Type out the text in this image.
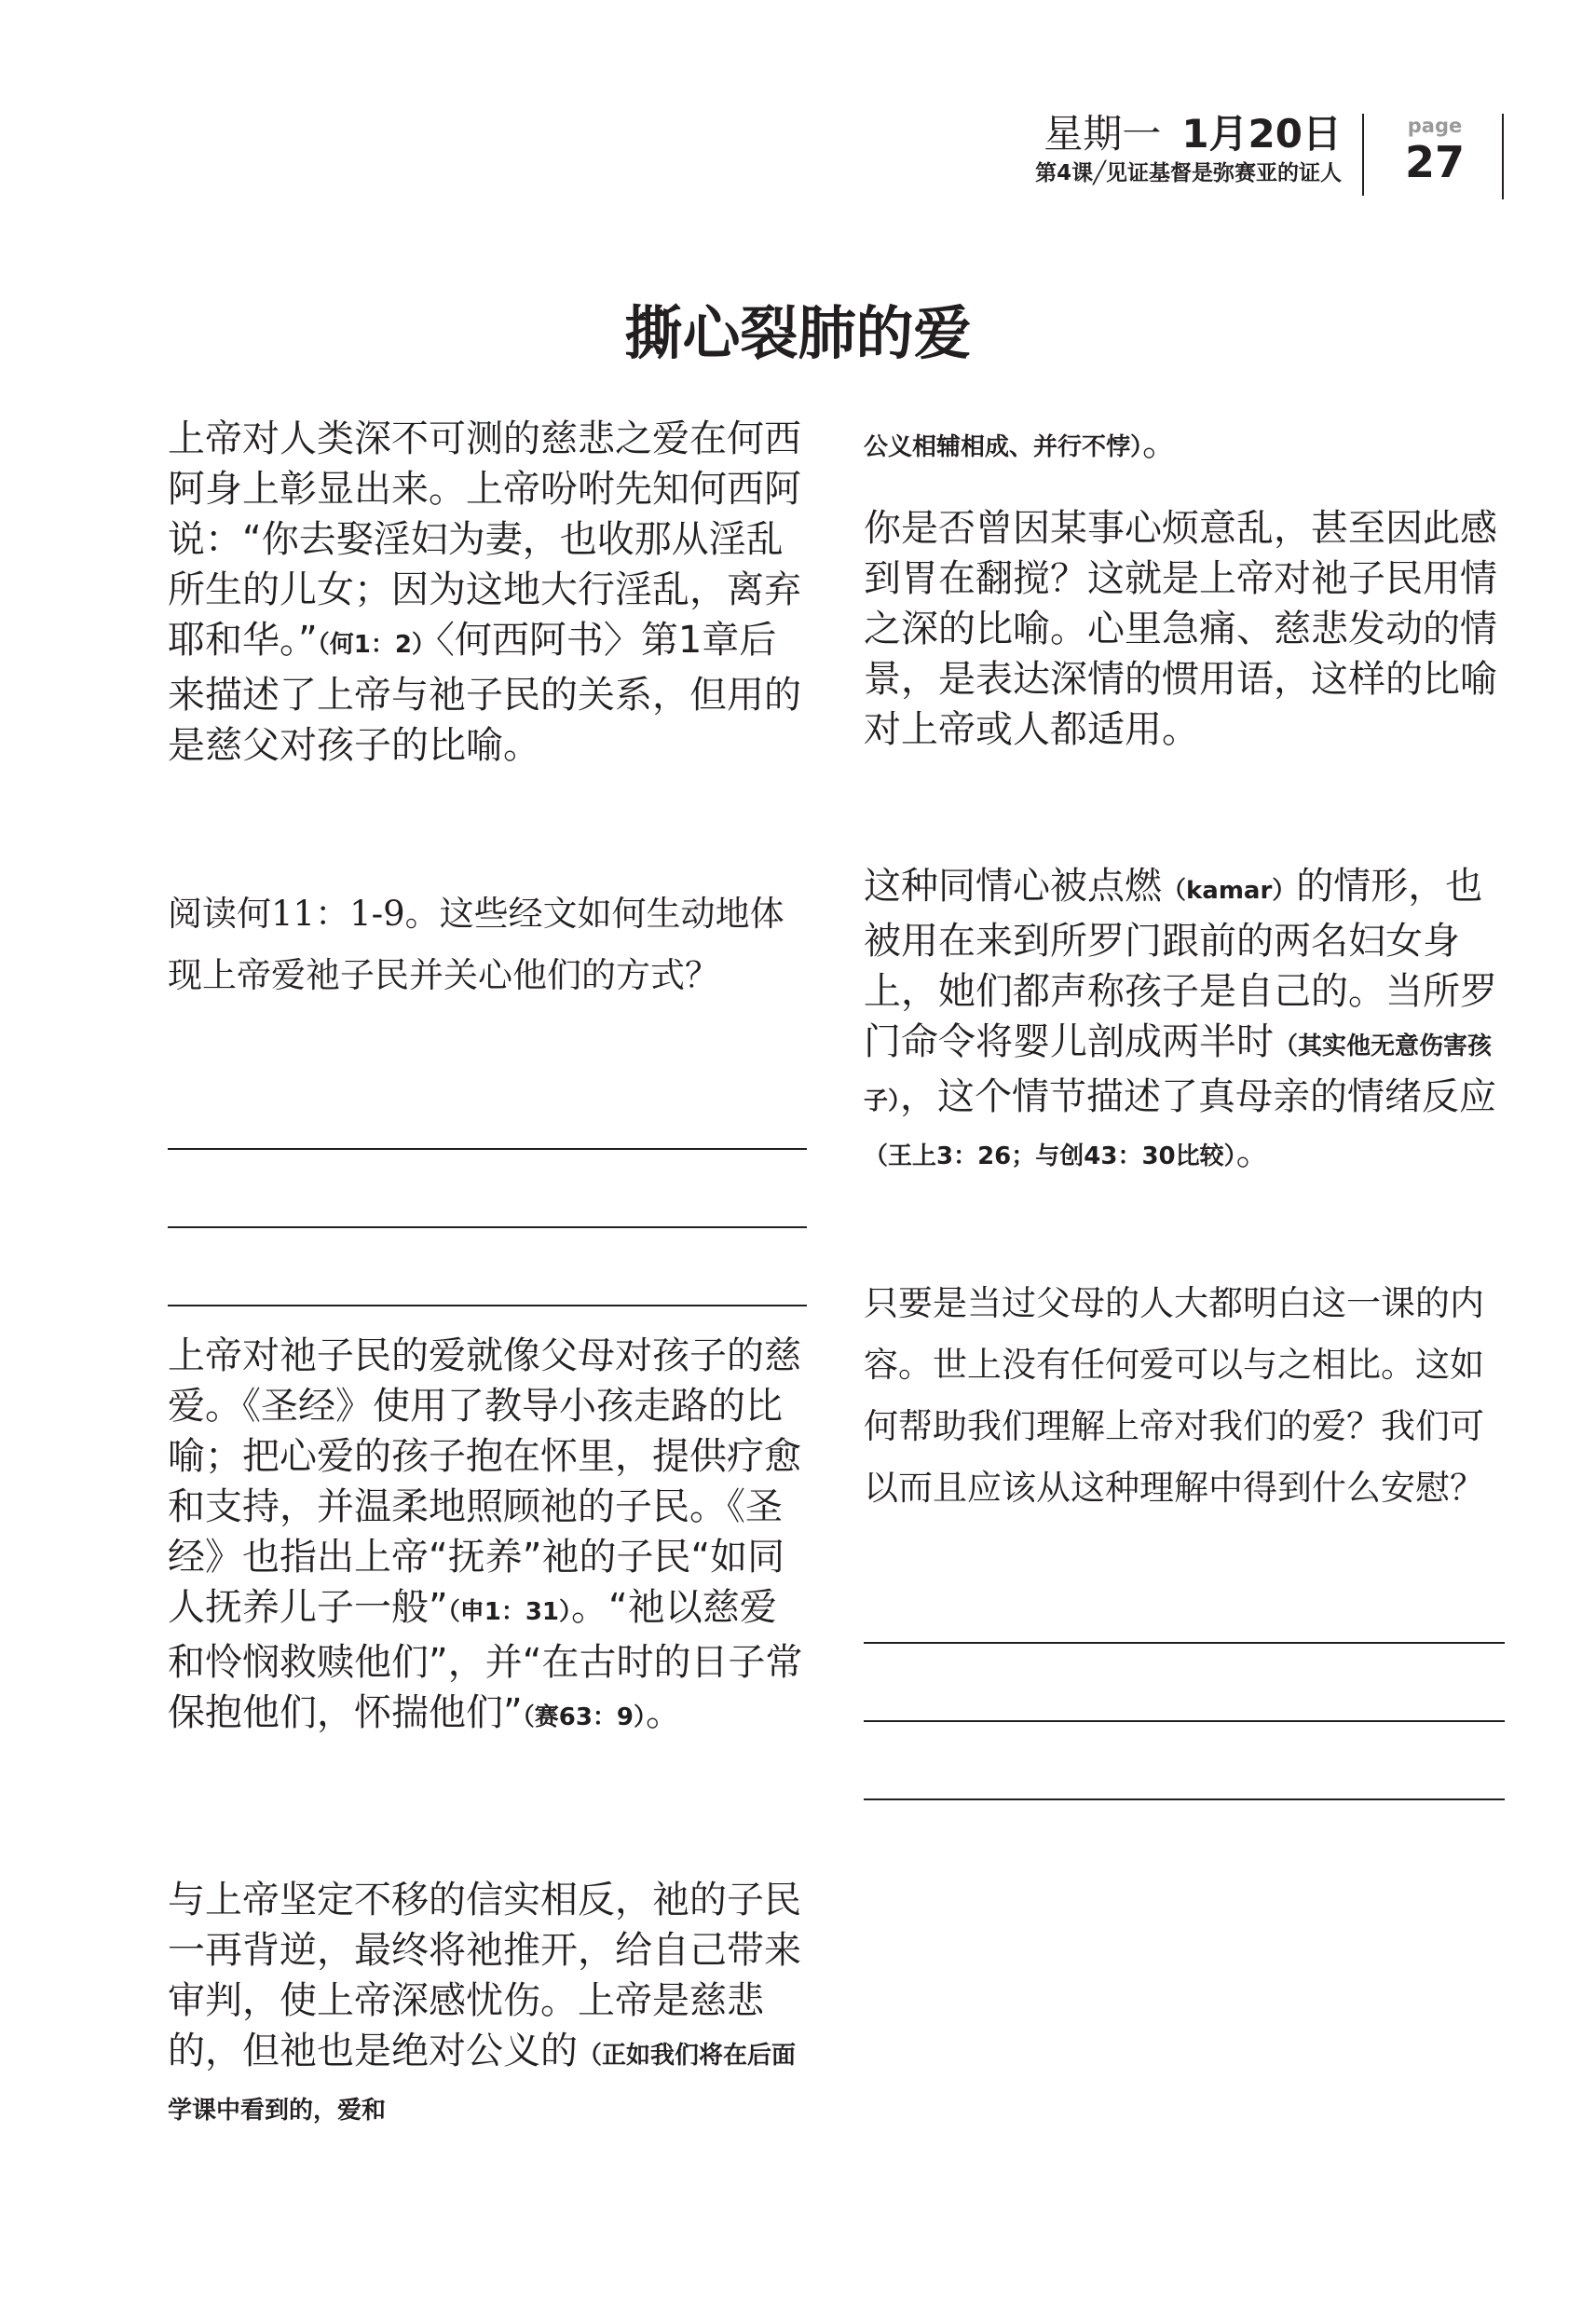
星期一 1月20日
第4课╱见证基督是弥赛亚的证人
page
27
撕心裂肺的爱

上帝对人类深不可测的慈悲之爱在何西阿身上彰显出来。上帝吩咐先知何西阿说：“你去娶淫妇为妻，也收那从淫乱所生的儿女；因为这地大行淫乱，离弃耶和华。”（何1：2）〈何西阿书〉第1章后来描述了上帝与祂子民的关系，但用的是慈父对孩子的比喻。

阅读何11：1-9。这些经文如何生动地体现上帝爱祂子民并关心他们的方式？

上帝对祂子民的爱就像父母对孩子的慈爱。《圣经》使用了教导小孩走路的比喻；把心爱的孩子抱在怀里，提供疗愈和支持，并温柔地照顾祂的子民。《圣经》也指出上帝“抚养”祂的子民“如同人抚养儿子一般”（申1：31）。“祂以慈爱和怜悯救赎他们”，并“在古时的日子常保抱他们，怀揣他们”（赛63：9）。

与上帝坚定不移的信实相反，祂的子民一再背逆，最终将祂推开，给自己带来审判，使上帝深感忧伤。上帝是慈悲的，但祂也是绝对公义的（正如我们将在后面学课中看到的，爱和

公义相辅相成、并行不悖）。

你是否曾因某事心烦意乱，甚至因此感到胃在翻搅？这就是上帝对祂子民用情之深的比喻。心里急痛、慈悲发动的情景，是表达深情的惯用语，这样的比喻对上帝或人都适用。

这种同情心被点燃（kamar）的情形，也被用在来到所罗门跟前的两名妇女身上，她们都声称孩子是自己的。当所罗门命令将婴儿剖成两半时（其实他无意伤害孩子），这个情节描述了真母亲的情绪反应（王上3：26；与创43：30比较）。

只要是当过父母的人大都明白这一课的内容。世上没有任何爱可以与之相比。这如何帮助我们理解上帝对我们的爱？我们可以而且应该从这种理解中得到什么安慰？
